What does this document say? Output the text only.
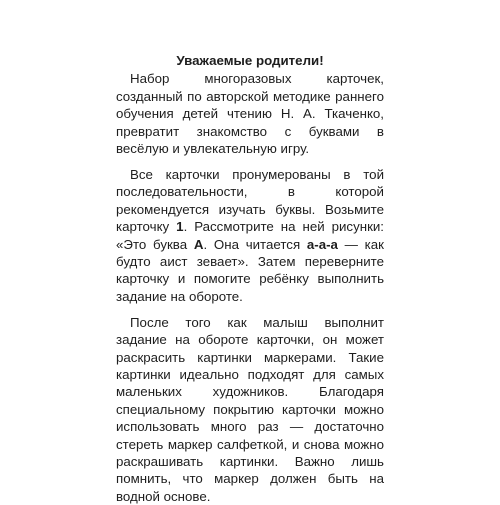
Уважаемые родители!

Набор многоразовых карточек, созданный по авторской методике раннего обучения детей чтению Н. А. Ткаченко, превратит знакомство с буквами в весёлую и увлекательную игру.

Все карточки пронумерованы в той последовательности, в которой рекомендуется изучать буквы. Возьмите карточку 1. Рассмотрите на ней рисунки: «Это буква А. Она читается а-а-а — как будто аист зевает». Затем переверните карточку и помогите ребёнку выполнить задание на обороте.

После того как малыш выполнит задание на обороте карточки, он может раскрасить картинки маркерами. Такие картинки идеально подходят для самых маленьких художников. Благодаря специальному покрытию карточки можно использовать много раз — достаточно стереть маркер салфеткой, и снова можно раскрашивать картинки. Важно лишь помнить, что маркер должен быть на водной основе.
